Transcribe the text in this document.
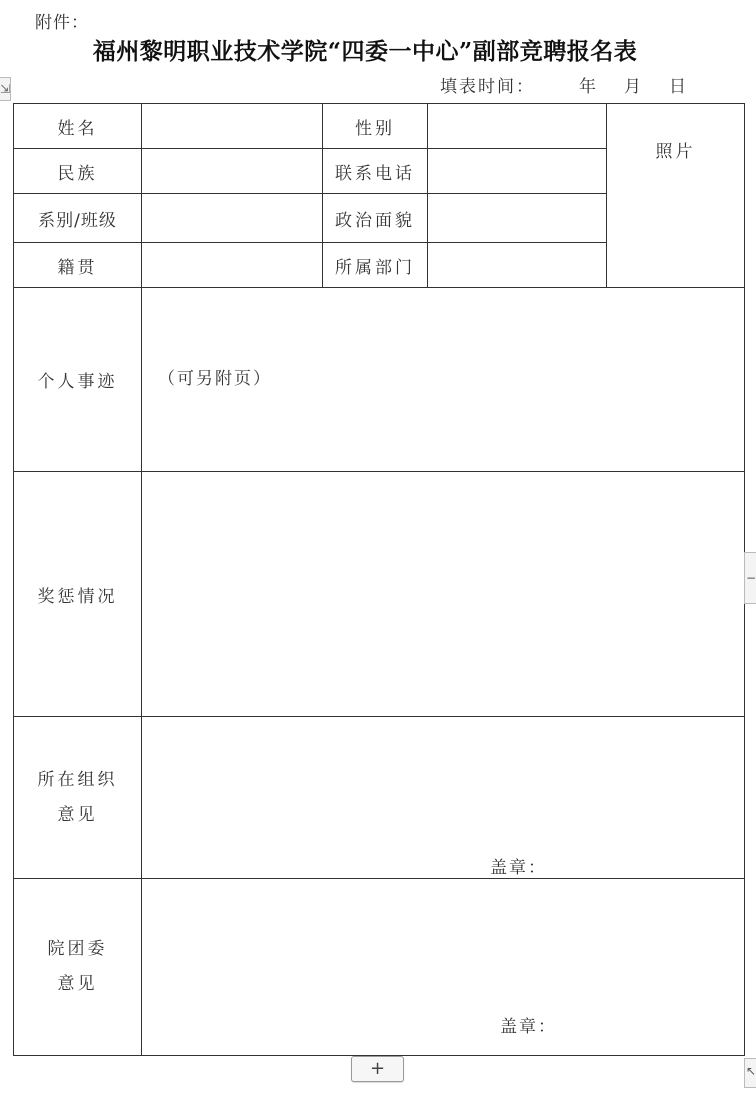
附件：
福州黎明职业技术学院“四委一中心”副部竞聘报名表
填表时间：	年 月 日
⇲
姓名		性别		照片
民族		联系电话		
系别/班级		政治面貌		
籍贯		所属部门		
个人事迹	（可另附页）			

奖惩情况				

所在组织
意见	盖章：			

院团委
意见	盖章：			
−
+	↖
